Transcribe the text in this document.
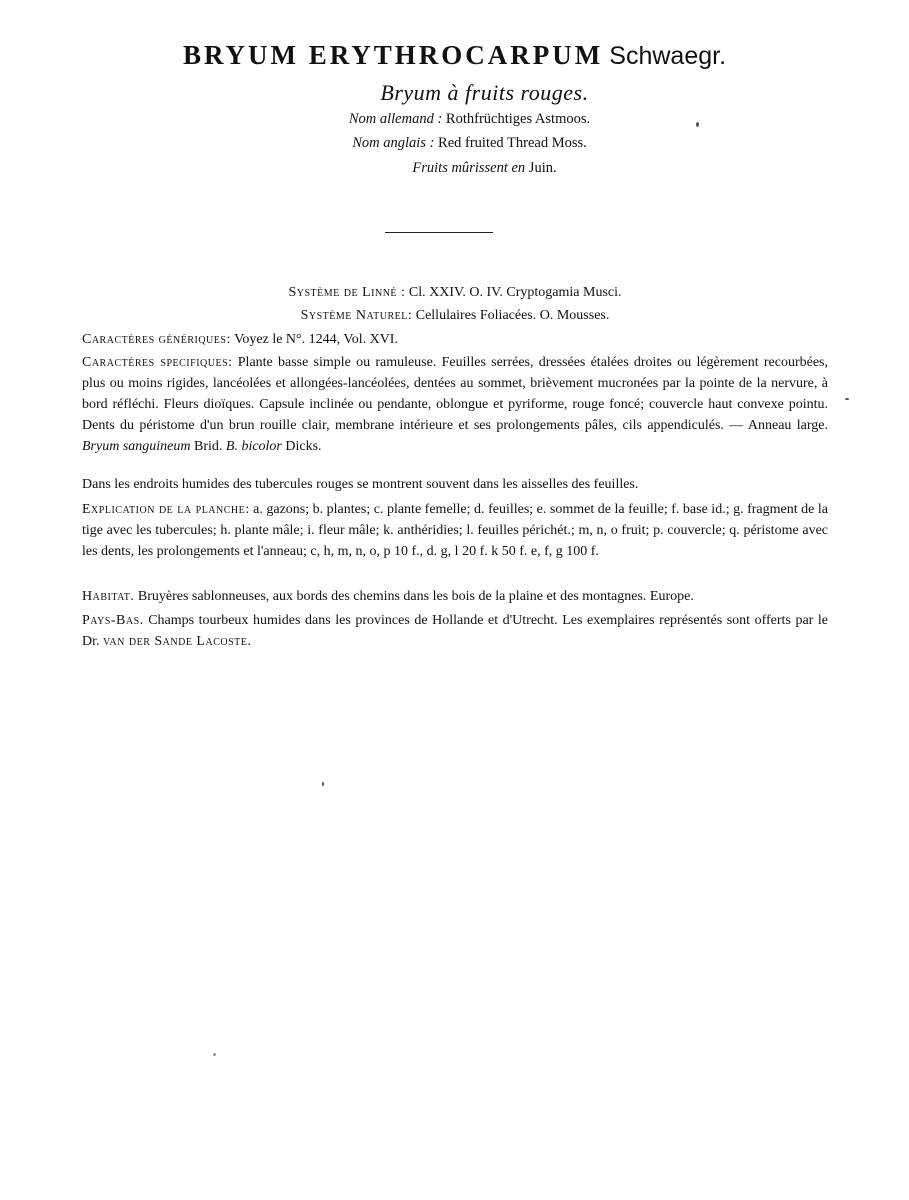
BRYUM ERYTHROCARPUM Schwaegr.
Bryum à fruits rouges.
Nom allemand : Rothfrüchtiges Astmoos.
Nom anglais : Red fruited Thread Moss.
Fruits mûrissent en Juin.
Système de Linné : Cl. XXIV. O. IV. Cryptogamia Musci.
Système Naturel: Cellulaires Foliacées. O. Mousses.
Caractères génériques: Voyez le N°. 1244, Vol. XVI.
Caractères specifiques: Plante basse simple ou ramuleuse. Feuilles serrées, dressées étalées droites ou légèrement recourbées, plus ou moins rigides, lancéolées et allongées-lancéolées, dentées au sommet, brièvement mucronées par la pointe de la nervure, à bord réfléchi. Fleurs dioïques. Capsule inclinée ou pendante, oblongue et pyriforme, rouge foncé; couvercle haut convexe pointu. Dents du péristome d'un brun rouille clair, membrane intérieure et ses prolongements pâles, cils appendiculés. — Anneau large. Bryum sanguineum Brid. B. bicolor Dicks.
Dans les endroits humides des tubercules rouges se montrent souvent dans les aisselles des feuilles.
Explication de la planche: a. gazons; b. plantes; c. plante femelle; d. feuilles; e. sommet de la feuille; f. base id.; g. fragment de la tige avec les tubercules; h. plante mâle; i. fleur mâle; k. anthéridies; l. feuilles périchét.; m, n, o fruit; p. couvercle; q. péristome avec les dents, les prolongements et l'anneau; c, h, m, n, o, p 10 f., d. g, l 20 f. k 50 f. e, f, g 100 f.
Habitat. Bruyères sablonneuses, aux bords des chemins dans les bois de la plaine et des montagnes. Europe.
Pays-Bas. Champs tourbeux humides dans les provinces de Hollande et d'Utrecht. Les exemplaires représentés sont offerts par le Dr. van der Sande Lacoste.
